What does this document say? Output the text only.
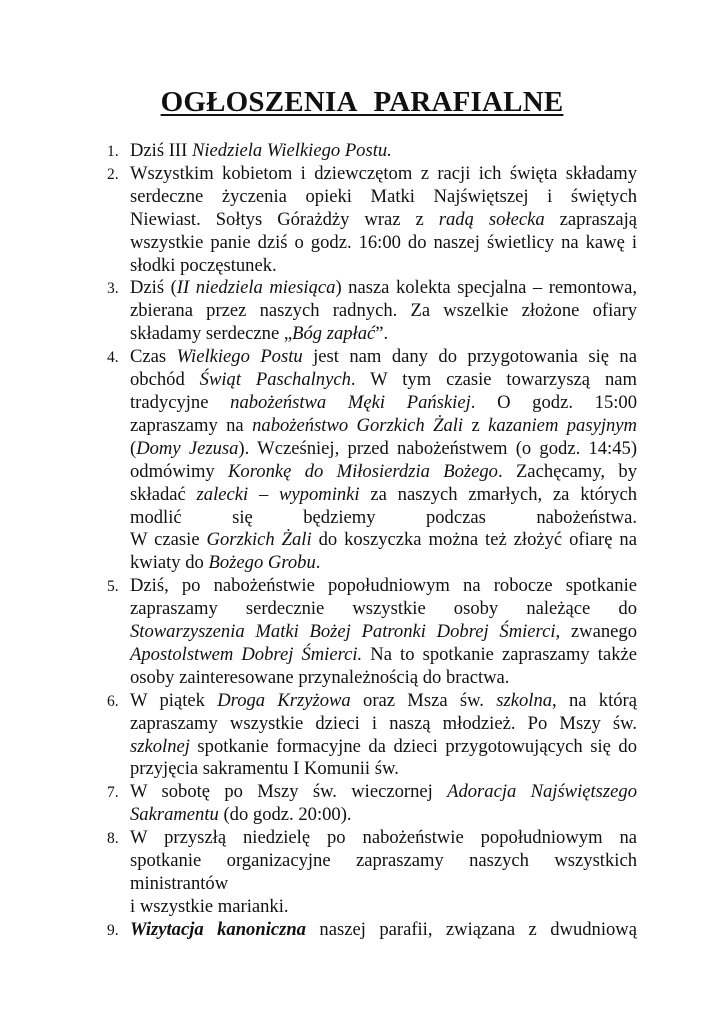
OGŁOSZENIA PARAFIALNE
1. Dziś III Niedziela Wielkiego Postu.
2. Wszystkim kobietom i dziewczętom z racji ich święta składamy
serdeczne życzenia opieki Matki Najświętszej i świętych
Niewiast. Sołtys Górażdży wraz z radą sołecka zapraszają
wszystkie panie dziś o godz. 16:00 do naszej świetlicy na kawę i
słodki poczęstunek.
3. Dziś (II niedziela miesiąca) nasza kolekta specjalna – remontowa,
zbierana przez naszych radnych. Za wszelkie złożone ofiary
składamy serdeczne „Bóg zapłać”.
4. Czas Wielkiego Postu jest nam dany do przygotowania się na
obchód Świąt Paschalnych. W tym czasie towarzyszą nam
tradycyjne nabożeństwa Męki Pańskiej. O godz. 15:00
zapraszamy na nabożeństwo Gorzkich Żali z kazaniem pasyjnym
(Domy Jezusa). Wcześniej, przed nabożeństwem (o godz. 14:45)
odmówimy Koronkę do Miłosierdzia Bożego. Zachęcamy, by
składać zalecki – wypominki za naszych zmarłych, za których
modlić się będziemy podczas nabożeństwa.
W czasie Gorzkich Żali do koszyczka można też złożyć ofiarę na
kwiaty do Bożego Grobu.
5. Dziś, po nabożeństwie popołudniowym na robocze spotkanie
zapraszamy serdecznie wszystkie osoby należące do
Stowarzyszenia Matki Bożej Patronki Dobrej Śmierci, zwanego
Apostolstwem Dobrej Śmierci. Na to spotkanie zapraszamy także
osoby zainteresowane przynależnością do bractwa.
6. W piątek Droga Krzyżowa oraz Msza św. szkolna, na którą
zapraszamy wszystkie dzieci i naszą młodzież. Po Mszy św.
szkolnej spotkanie formacyjne da dzieci przygotowujących się do
przyjęcia sakramentu I Komunii św.
7. W sobotę po Mszy św. wieczornej Adoracja Najświętszego
Sakramentu (do godz. 20:00).
8. W przyszłą niedzielę po nabożeństwie popołudniowym na
spotkanie organizacyjne zapraszamy naszych wszystkich
ministrantów
i wszystkie marianki.
9. Wizytacja kanoniczna naszej parafii, związana z dwudniową
